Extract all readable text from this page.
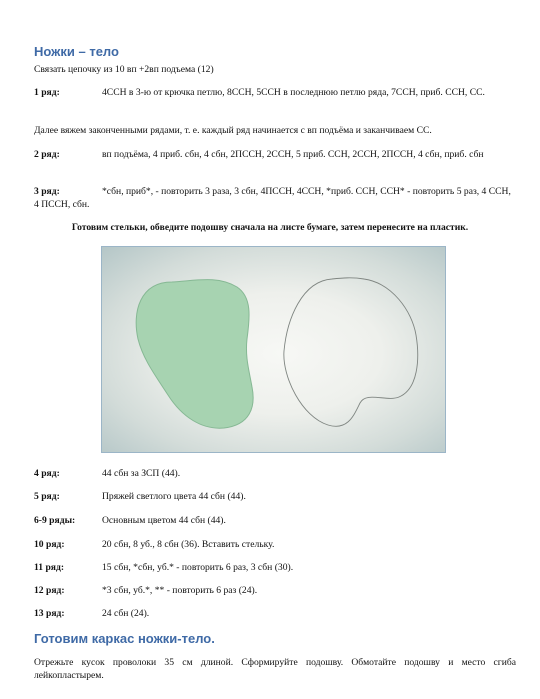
Ножки – тело
Связать цепочку из 10 вп +2вп подъема (12)
1 ряд:	4ССН в 3-ю от крючка петлю, 8ССН, 5ССН в последнюю петлю ряда, 7ССН, приб. ССН, СС.
Далее вяжем законченными рядами, т. е. каждый ряд начинается с вп подъёма и заканчиваем СС.
2 ряд:	вп подъёма, 4 приб. сбн, 4 сбн, 2ПССН, 2ССН, 5 приб. ССН, 2ССН, 2ПССН, 4 сбн, приб. сбн
3 ряд:	*сбн, приб*, - повторить 3 раза, 3 сбн, 4ПССН, 4ССН, *приб. ССН, ССН* - повторить 5 раз, 4 ССН, 4 ПССН, сбн.
Готовим стельки, обведите подошву сначала на листе бумаге, затем перенесите на пластик.
4 ряд:	44 сбн за ЗСП (44).
5 ряд:	Пряжей светлого цвета 44 сбн (44).
6-9 ряды:	Основным цветом 44 сбн (44).
10 ряд:	20 сбн, 8 уб., 8 сбн (36). Вставить стельку.
11 ряд:	15 сбн, *сбн, уб.* - повторить 6 раз, 3 сбн (30).
12 ряд:	*3 сбн, уб.*, ** - повторить 6 раз (24).
13 ряд:	24 сбн (24).
Готовим каркас ножки-тело.
Отрежьте кусок проволоки 35 см длиной. Сформируйте подошву. Обмотайте подошву и место сгиба лейкопластырем.
